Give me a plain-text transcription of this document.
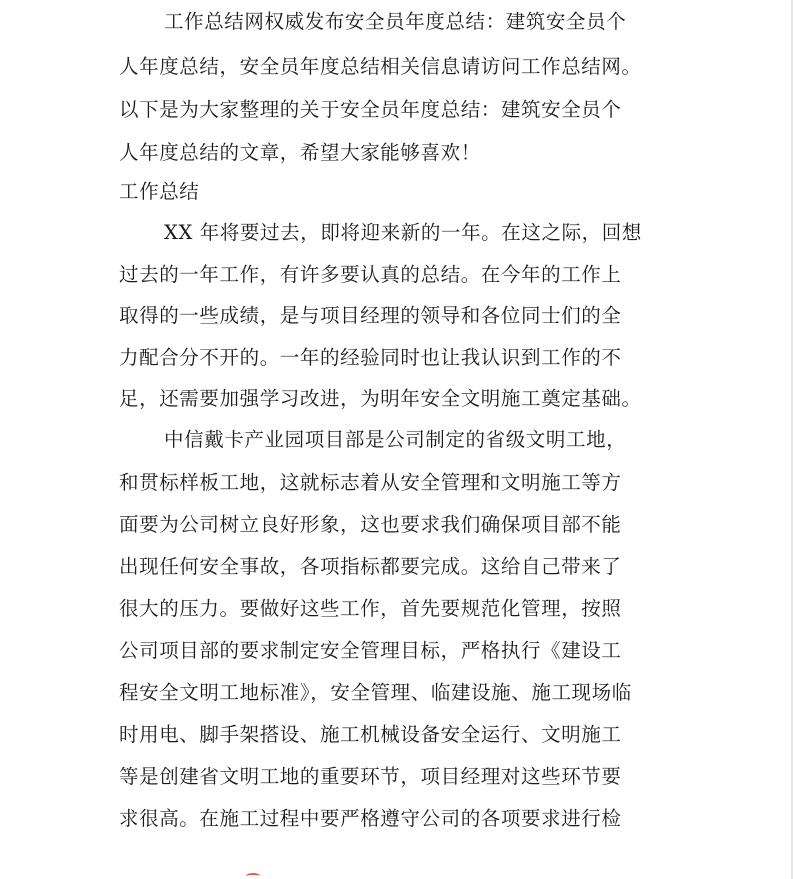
工作总结网权威发布安全员年度总结：建筑安全员个
人年度总结，安全员年度总结相关信息请访问工作总结网。
以下是为大家整理的关于安全员年度总结：建筑安全员个
人年度总结的文章，希望大家能够喜欢！
工作总结
XX 年将要过去，即将迎来新的一年。在这之际，回想
过去的一年工作，有许多要认真的总结。在今年的工作上
取得的一些成绩，是与项目经理的领导和各位同士们的全
力配合分不开的。一年的经验同时也让我认识到工作的不
足，还需要加强学习改进，为明年安全文明施工奠定基础。
中信戴卡产业园项目部是公司制定的省级文明工地，
和贯标样板工地，这就标志着从安全管理和文明施工等方
面要为公司树立良好形象，这也要求我们确保项目部不能
出现任何安全事故，各项指标都要完成。这给自己带来了
很大的压力。要做好这些工作，首先要规范化管理，按照
公司项目部的要求制定安全管理目标，严格执行《建设工
程安全文明工地标准》，安全管理、临建设施、施工现场临
时用电、脚手架搭设、施工机械设备安全运行、文明施工
等是创建省文明工地的重要环节，项目经理对这些环节要
求很高。在施工过程中要严格遵守公司的各项要求进行检
